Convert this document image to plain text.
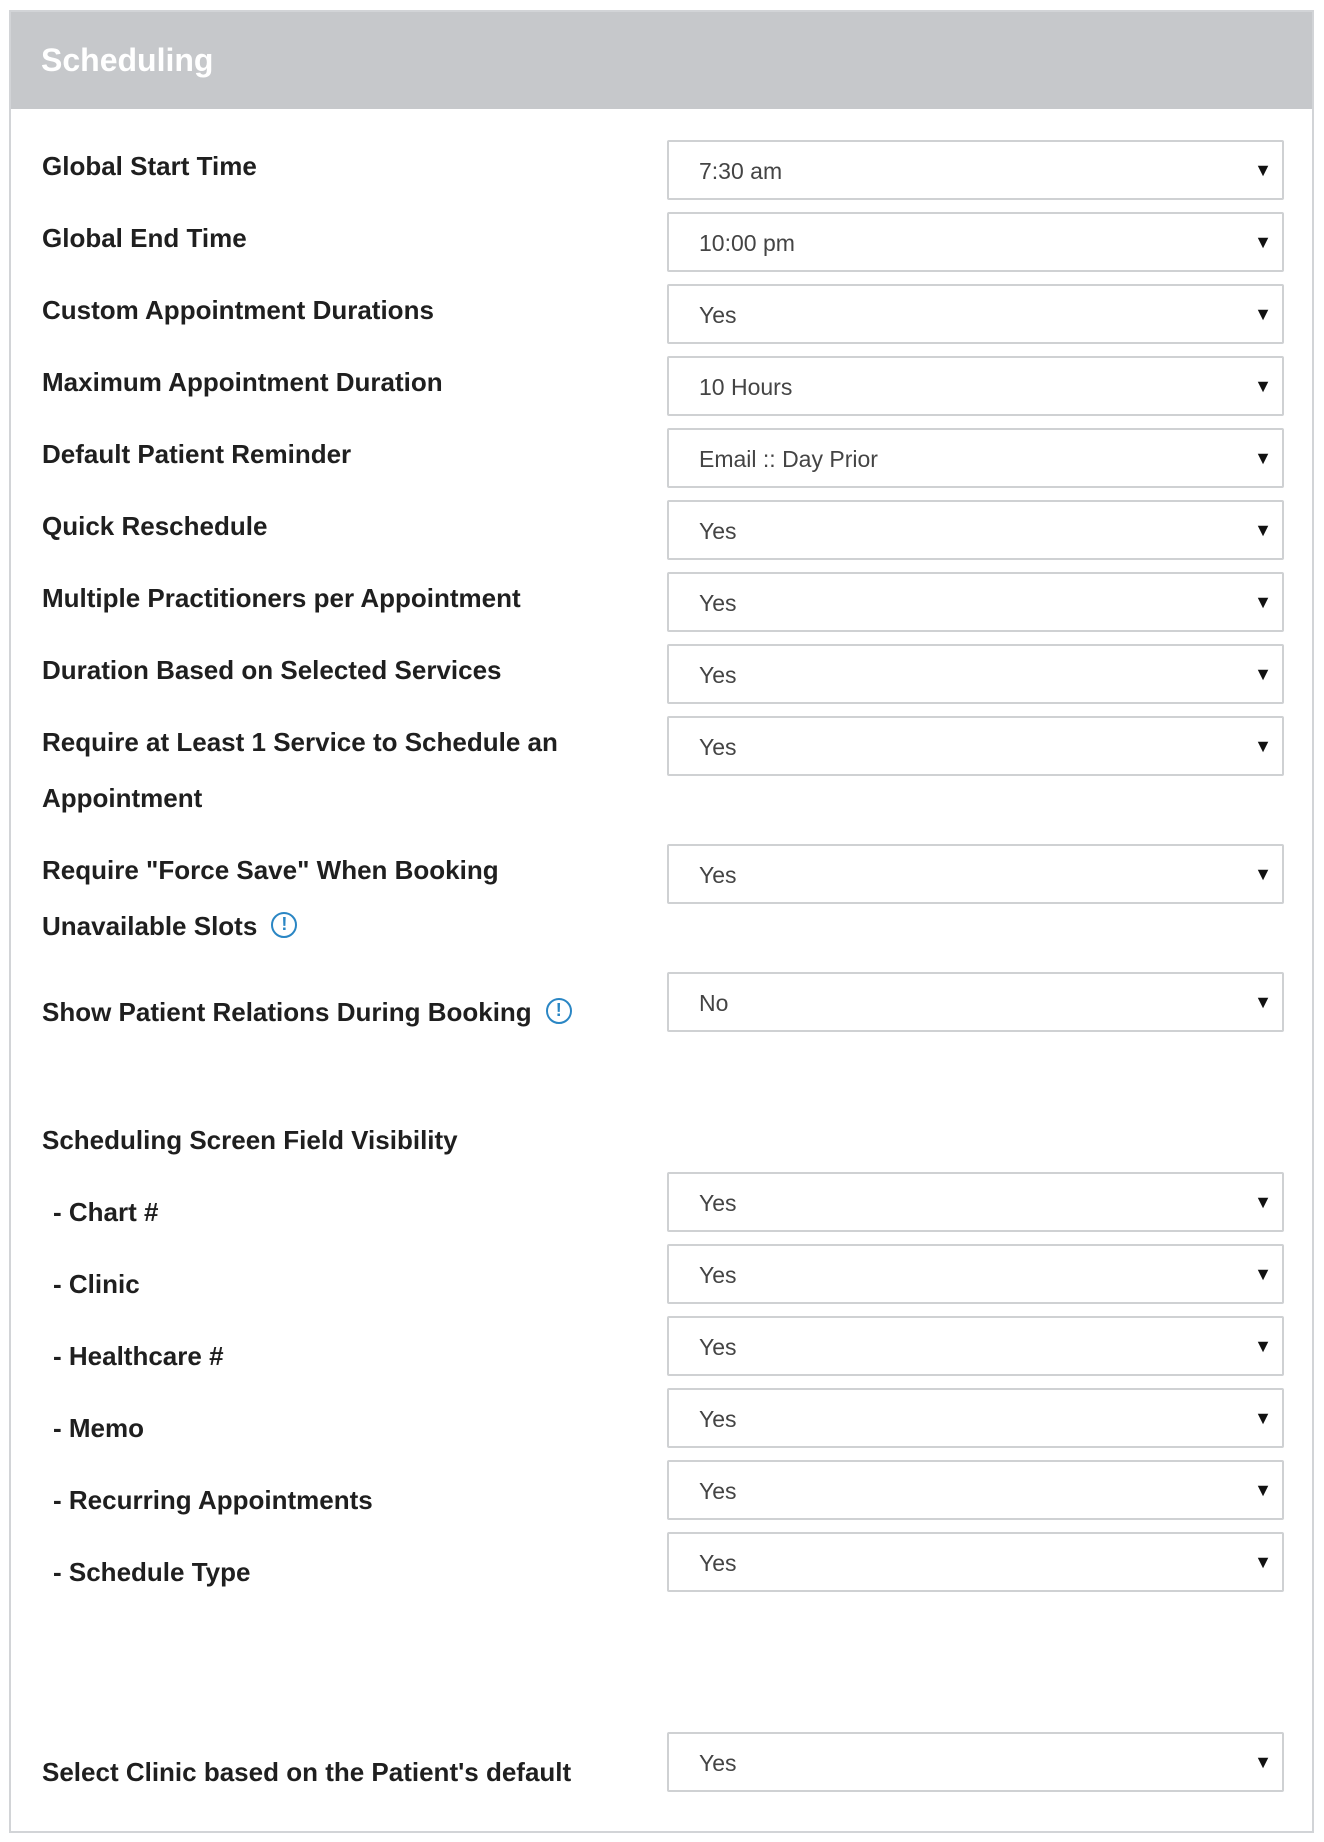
Scheduling
Global Start Time	7:30 am	▼
Global End Time	10:00 pm	▼
Custom Appointment Durations	Yes	▼
Maximum Appointment Duration	10 Hours	▼
Default Patient Reminder	Email :: Day Prior	▼
Quick Reschedule	Yes	▼
Multiple Practitioners per Appointment	Yes	▼
Duration Based on Selected Services	Yes	▼
Require at Least 1 Service to Schedule an
Appointment
Yes	▼
Require "Force Save" When Booking
Unavailable Slots !
Yes	▼
Show Patient Relations During Booking !	No	▼
Scheduling Screen Field Visibility
- Chart #	Yes	▼
- Clinic	Yes	▼
- Healthcare #	Yes	▼
- Memo	Yes	▼
- Recurring Appointments	Yes	▼
- Schedule Type	Yes	▼
Select Clinic based on the Patient's default	Yes	▼
